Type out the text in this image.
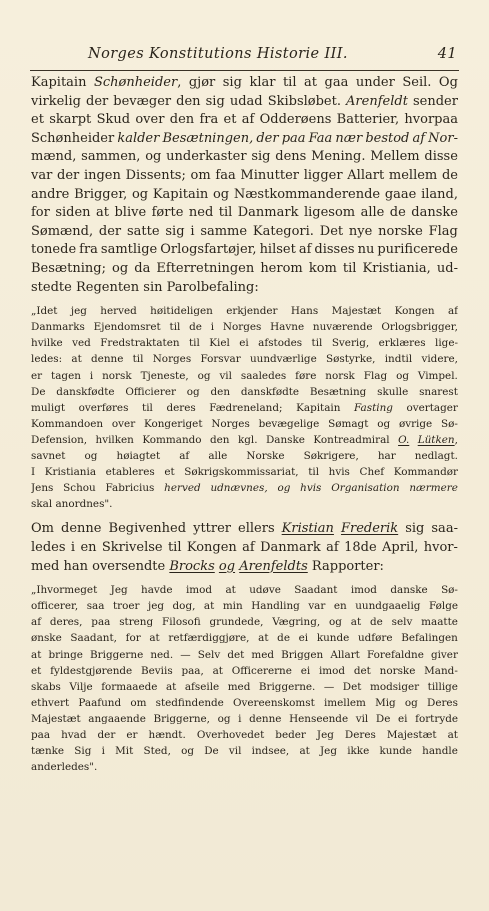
Norges Konstitutions Historie III.	41
Kapitain Schønheider, gjør sig klar til at gaa under Seil. Og
virkelig der bevæger den sig udad Skibsløbet. Arenfeldt sender
et skarpt Skud over den fra et af Odderøens Batterier, hvorpaa
Schønheider kalder Besætningen, der paa Faa nær bestod af Nor-
mænd, sammen, og underkaster sig dens Mening. Mellem disse
var der ingen Dissents; om faa Minutter ligger Allart mellem de
andre Brigger, og Kapitain og Næstkommanderende gaae iland,
for siden at blive førte ned til Danmark ligesom alle de danske
Sømænd, der satte sig i samme Kategori. Det nye norske Flag
tonede fra samtlige Orlogsfartøjer, hilset af disses nu purificerede
Besætning; og da Efterretningen herom kom til Kristiania, ud-
stedte Regenten sin Parolbefaling:
„Idet jeg herved høitideligen erkjender Hans Majestæt Kongen af
Danmarks Ejendomsret til de i Norges Havne nuværende Orlogsbrigger,
hvilke ved Fredstraktaten til Kiel ei afstodes til Sverig, erklæres lige-
ledes: at denne til Norges Forsvar uundværlige Søstyrke, indtil videre,
er tagen i norsk Tjeneste, og vil saaledes føre norsk Flag og Vimpel.
De danskfødte Officierer og den danskfødte Besætning skulle snarest
muligt overføres til deres Fædreneland; Kapitain Fasting overtager
Kommandoen over Kongeriget Norges bevægelige Sømagt og øvrige Sø-
Defension, hvilken Kommando den kgl. Danske Kontreadmiral O. Lütken,
savnet og høiagtet af alle Norske Søkrigere, har nedlagt.
I Kristiania etableres et Søkrigskommissariat, til hvis Chef Kommandør
Jens Schou Fabricius herved udnævnes, og hvis Organisation nærmere
skal anordnes".
Om denne Begivenhed yttrer ellers Kristian Frederik sig saa-
ledes i en Skrivelse til Kongen af Danmark af 18de April, hvor-
med han oversendte Brocks og Arenfeldts Rapporter:
„Ihvormeget Jeg havde imod at udøve Saadant imod danske Sø-
officerer, saa troer jeg dog, at min Handling var en uundgaaelig Følge
af deres, paa streng Filosofi grundede, Vægring, og at de selv maatte
ønske Saadant, for at retfærdiggjøre, at de ei kunde udføre Befalingen
at bringe Briggerne ned. — Selv det med Briggen Allart Forefaldne giver
et fyldestgjørende Beviis paa, at Officererne ei imod det norske Mand-
skabs Vilje formaaede at afseile med Briggerne. — Det modsiger tillige
ethvert Paafund om stedfindende Overeenskomst imellem Mig og Deres
Majestæt angaaende Briggerne, og i denne Henseende vil De ei fortryde
paa hvad der er hændt. Overhovedet beder Jeg Deres Majestæt at
tænke Sig i Mit Sted, og De vil indsee, at Jeg ikke kunde handle
anderledes".
